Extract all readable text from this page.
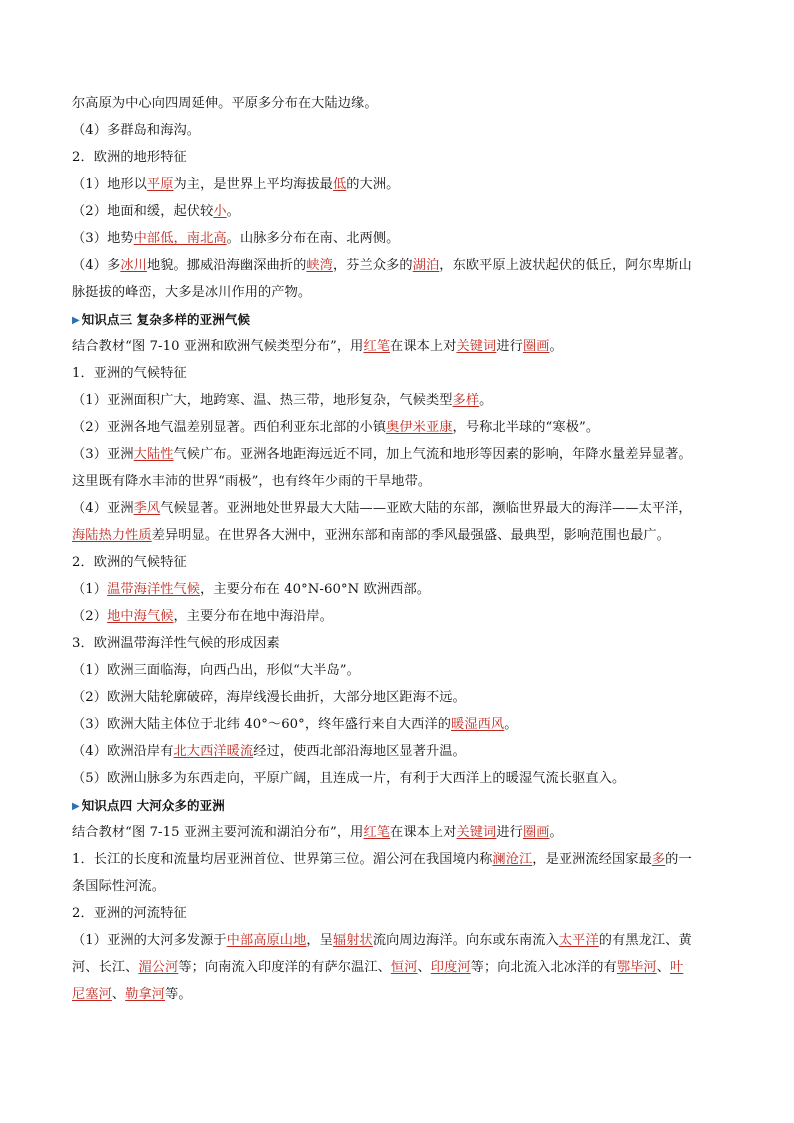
尔高原为中心向四周延伸。平原多分布在大陆边缘。
（4）多群岛和海沟。
2．欧洲的地形特征
（1）地形以平原为主，是世界上平均海拔最低的大洲。
（2）地面和缓，起伏较小。
（3）地势中部低，南北高。山脉多分布在南、北两侧。
（4）多冰川地貌。挪威沿海幽深曲折的峡湾，芬兰众多的湖泊，东欧平原上波状起伏的低丘，阿尔卑斯山
脉挺拔的峰峦，大多是冰川作用的产物。
▶ 知识点三 复杂多样的亚洲气候
结合教材“图 7-10 亚洲和欧洲气候类型分布”，用红笔在课本上对关键词进行圈画。
1．亚洲的气候特征
（1）亚洲面积广大，地跨寒、温、热三带，地形复杂，气候类型多样。
（2）亚洲各地气温差别显著。西伯利亚东北部的小镇奥伊米亚康，号称北半球的“寒极”。
（3）亚洲大陆性气候广布。亚洲各地距海远近不同，加上气流和地形等因素的影响，年降水量差异显著。
这里既有降水丰沛的世界“雨极”，也有终年少雨的干旱地带。
（4）亚洲季风气候显著。亚洲地处世界最大大陆——亚欧大陆的东部，濒临世界最大的海洋——太平洋，
海陆热力性质差异明显。在世界各大洲中，亚洲东部和南部的季风最强盛、最典型，影响范围也最广。
2．欧洲的气候特征
（1）温带海洋性气候，主要分布在 40°N-60°N 欧洲西部。
（2）地中海气候，主要分布在地中海沿岸。
3．欧洲温带海洋性气候的形成因素
（1）欧洲三面临海，向西凸出，形似“大半岛”。
（2）欧洲大陆轮廓破碎，海岸线漫长曲折，大部分地区距海不远。
（3）欧洲大陆主体位于北纬 40°～60°，终年盛行来自大西洋的暖湿西风。
（4）欧洲沿岸有北大西洋暖流经过，使西北部沿海地区显著升温。
（5）欧洲山脉多为东西走向，平原广阔，且连成一片，有利于大西洋上的暖湿气流长驱直入。
▶ 知识点四 大河众多的亚洲
结合教材“图 7-15 亚洲主要河流和湖泊分布”，用红笔在课本上对关键词进行圈画。
1．长江的长度和流量均居亚洲首位、世界第三位。湄公河在我国境内称澜沧江，是亚洲流经国家最多的一
条国际性河流。
2．亚洲的河流特征
（1）亚洲的大河多发源于中部高原山地，呈辐射状流向周边海洋。向东或东南流入太平洋的有黑龙江、黄
河、长江、湄公河等；向南流入印度洋的有萨尔温江、恒河、印度河等；向北流入北冰洋的有鄂毕河、叶
尼塞河、勒拿河等。
